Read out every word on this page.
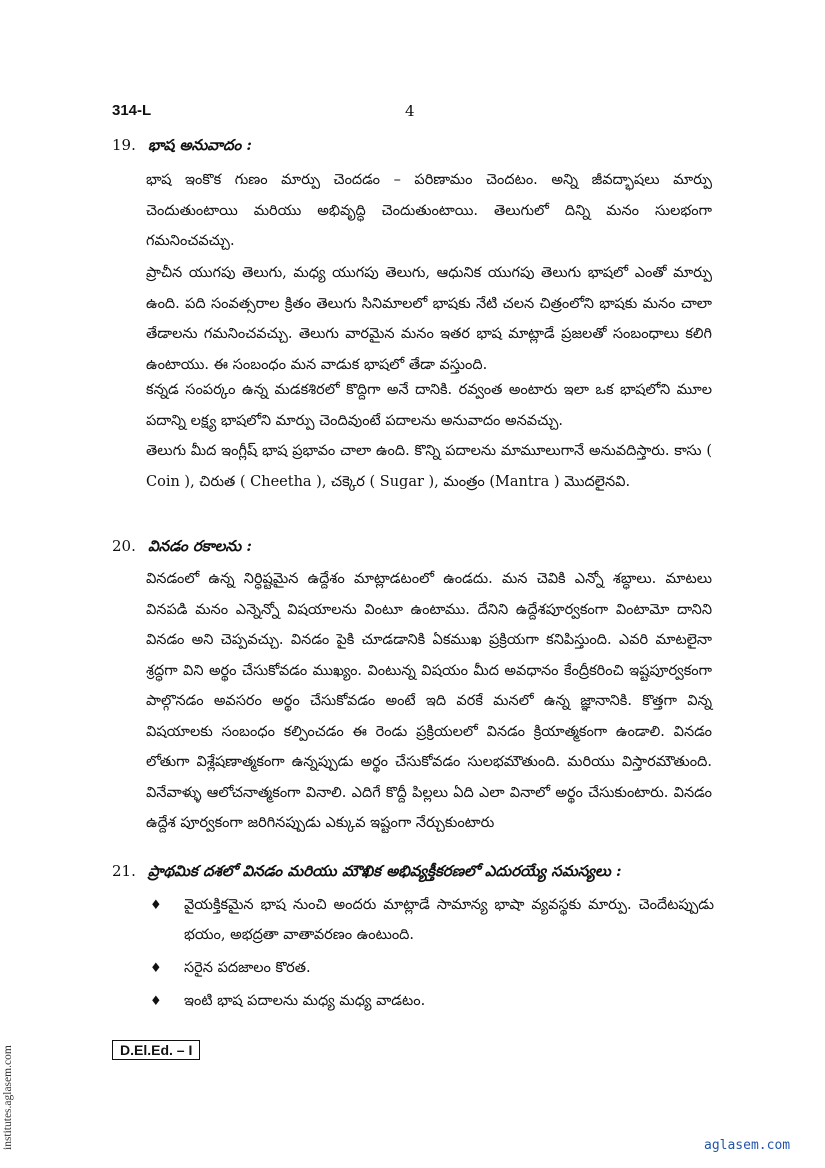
314-L	4
19. భాష అనువాదం :
భాష ఇంకొక గుణం మార్పు చెందడం – పరిణామం చెందటం. అన్ని జీవద్భాషలు మార్పు చెందుతుంటాయి మరియు అభివృద్ధి చెందుతుంటాయి. తెలుగులో దిన్ని మనం సులభంగా గమనించవచ్చు.
ప్రాచీన యుగపు తెలుగు, మధ్య యుగపు తెలుగు, ఆధునిక యుగపు తెలుగు భాషలో ఎంతో మార్పు ఉంది. పది సంవత్సరాల క్రితం తెలుగు సినిమాలలో భాషకు నేటి చలన చిత్రంలోని భాషకు మనం చాలా తేడాలను గమనించవచ్చు. తెలుగు వారమైన మనం ఇతర భాష మాట్లాడే ప్రజలతో సంబంధాలు కలిగి ఉంటాయు. ఈ సంబంధం మన వాడుక భాషలో తేడా వస్తుంది.
కన్నడ సంపర్కం ఉన్న మడకశిరలో కొద్దిగా అనే దానికి. రవ్వంత అంటారు ఇలా ఒక భాషలోని మూల పదాన్ని లక్ష్య భాషలోని మార్పు చెందివుంటే పదాలను అనువాదం అనవచ్చు.
తెలుగు మీద ఇంగ్లీష్ భాష ప్రభావం చాలా ఉంది. కొన్ని పదాలను మామూలుగానే అనువదిస్తారు. కాసు ( Coin ), చిరుత ( Cheetha ), చక్కెర ( Sugar ), మంత్రం (Mantra ) మొదలైనవి.
20. వినడం రకాలను :
వినడంలో ఉన్న నిర్ధిష్టమైన ఉద్దేశం మాట్లాడటంలో ఉండదు. మన చెవికి ఎన్నో శబ్ధాలు. మాటలు వినపడి మనం ఎన్నెన్నో విషయాలను వింటూ ఉంటాము. దేనిని ఉద్దేశపూర్వకంగా వింటామో దానిని వినడం అని చెప్పవచ్చు. వినడం పైకి చూడడానికి ఏకముఖ ప్రక్రియగా కనిపిస్తుంది. ఎవరి మాటలైనా శ్రద్ధగా విని అర్థం చేసుకోవడం ముఖ్యం. వింటున్న విషయం మీద అవధానం కేంద్రీకరించి ఇష్టపూర్వకంగా పాల్గొనడం అవసరం అర్థం చేసుకోవడం అంటే ఇది వరకే మనలో ఉన్న జ్ఞానానికి. కొత్తగా విన్న విషయాలకు సంబంధం కల్పించడం ఈ రెండు ప్రక్రియలలో వినడం క్రియాత్మకంగా ఉండాలి. వినడం లోతుగా విశ్లేషణాత్మకంగా ఉన్నప్పుడు అర్థం చేసుకోవడం సులభమౌతుంది. మరియు విస్తారమౌతుంది. వినేవాళ్ళు ఆలోచనాత్మకంగా వినాలి. ఎదిగే కొద్దీ పిల్లలు ఏది ఎలా వినాలో అర్థం చేసుకుంటారు. వినడం ఉద్దేశ పూర్వకంగా జరిగినప్పుడు ఎక్కువ ఇష్టంగా నేర్చుకుంటారు
21. ప్రాథమిక దశలో వినడం మరియు మౌఖిక అభివ్యక్తీకరణలో ఎదురయ్యే సమస్యలు :
♦ వైయక్తికమైన భాష నుంచి అందరు మాట్లాడే సామాన్య భాషా వ్యవస్థకు మార్పు. చెందేటప్పుడు భయం, అభద్రతా వాతావరణం ఉంటుంది.
♦ సరైన పదజాలం కొరత.
♦ ఇంటి భాష పదాలను మధ్య మధ్య వాడటం.
D.El.Ed. – I
institutes.aglasem.com	aglasem.com
